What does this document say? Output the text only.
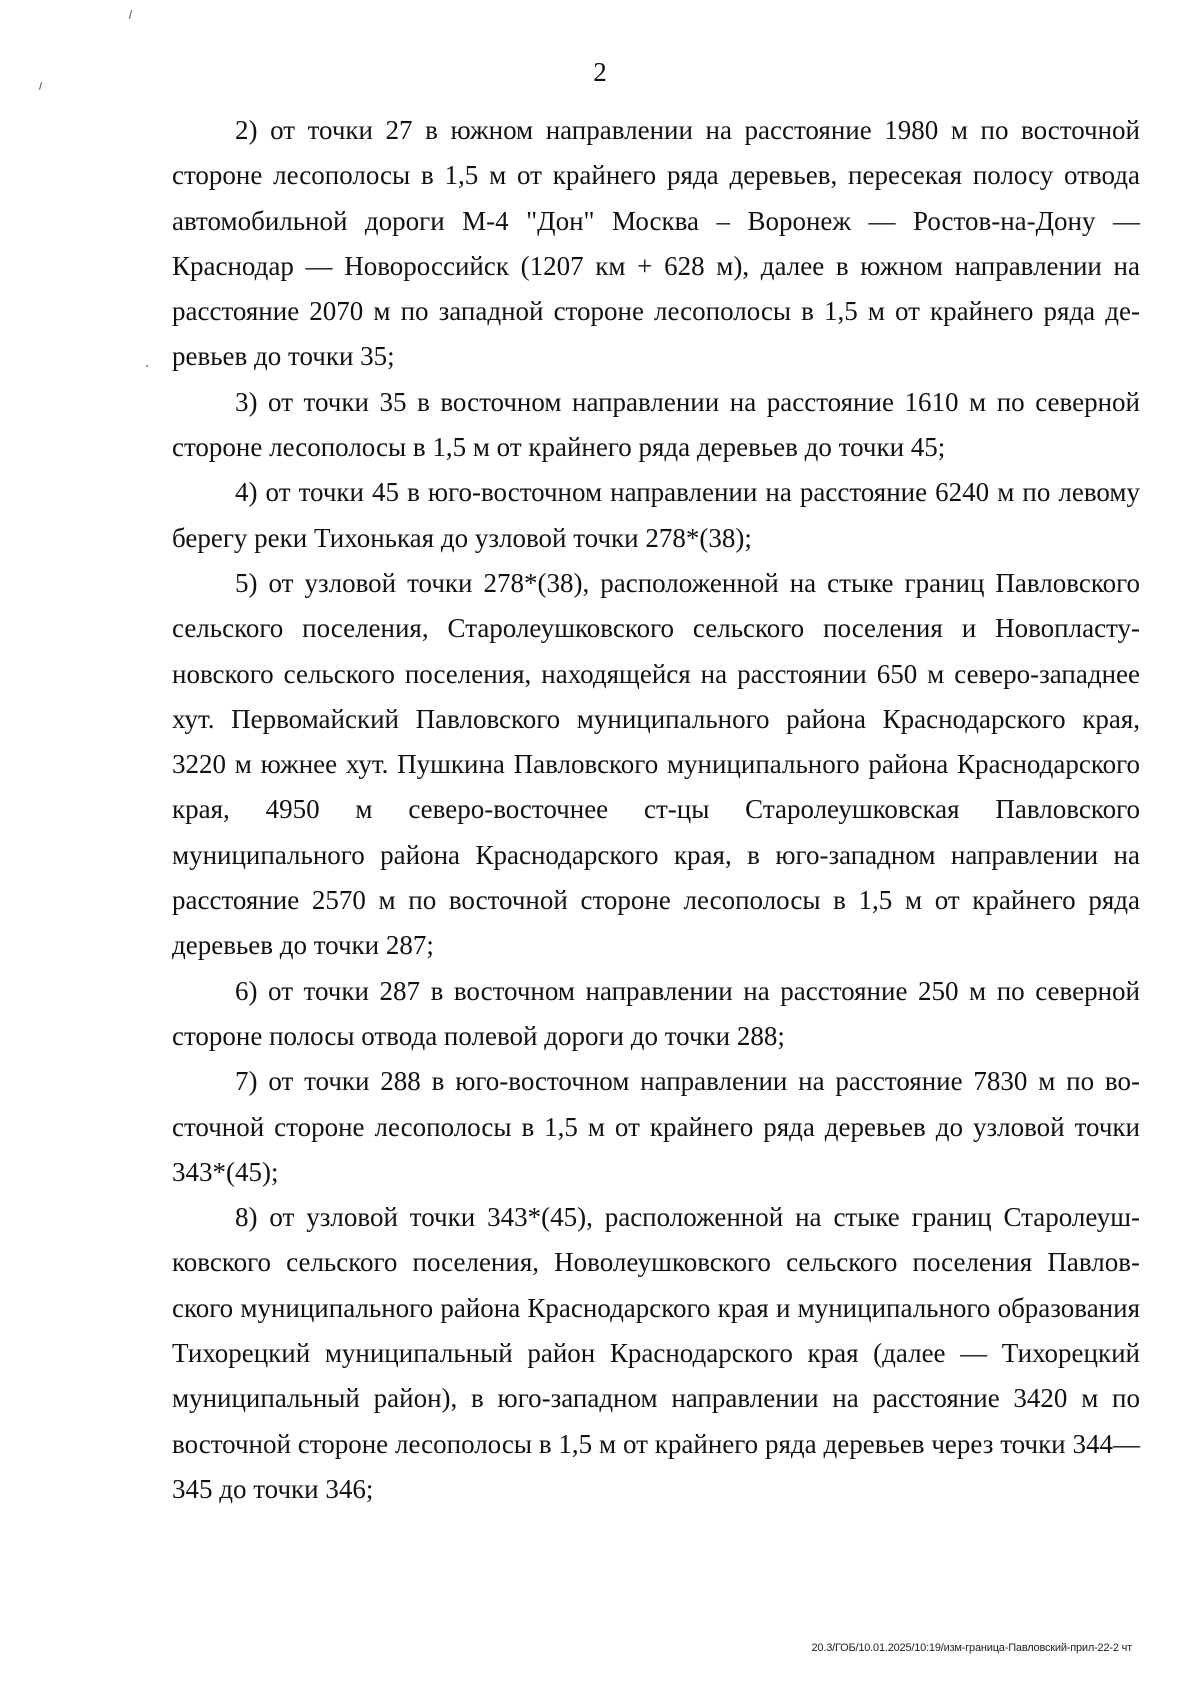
2

2) от точки 27 в южном направлении на расстояние 1980 м по восточной стороне лесополосы в 1,5 м от крайнего ряда деревьев, пересекая полосу отвода автомобильной дороги М-4 "Дон" Москва – Воронеж — Ростов-на-Дону — Краснодар — Новороссийск (1207 км + 628 м), далее в южном направлении на расстояние 2070 м по западной стороне лесополосы в 1,5 м от крайнего ряда деревьев до точки 35;

3) от точки 35 в восточном направлении на расстояние 1610 м по северной стороне лесополосы в 1,5 м от крайнего ряда деревьев до точки 45;

4) от точки 45 в юго-восточном направлении на расстояние 6240 м по левому берегу реки Тихонькая до узловой точки 278*(38);

5) от узловой точки 278*(38), расположенной на стыке границ Павловского сельского поселения, Старолеушковского сельского поселения и Новопластуновского сельского поселения, находящейся на расстоянии 650 м северо-западнее хут. Первомайский Павловского муниципального района Краснодарского края, 3220 м южнее хут. Пушкина Павловского муниципального района Краснодарского края, 4950 м северо-восточнее ст-цы Старолеушковская Павловского муниципального района Краснодарского края, в юго-западном направлении на расстояние 2570 м по восточной стороне лесополосы в 1,5 м от крайнего ряда деревьев до точки 287;

6) от точки 287 в восточном направлении на расстояние 250 м по северной стороне полосы отвода полевой дороги до точки 288;

7) от точки 288 в юго-восточном направлении на расстояние 7830 м по восточной стороне лесополосы в 1,5 м от крайнего ряда деревьев до узловой точки 343*(45);

8) от узловой точки 343*(45), расположенной на стыке границ Старолеушковского сельского поселения, Новолеушковского сельского поселения Павловского муниципального района Краснодарского края и муниципального образования Тихорецкий муниципальный район Краснодарского края (далее — Тихорецкий муниципальный район), в юго-западном направлении на расстояние 3420 м по восточной стороне лесополосы в 1,5 м от крайнего ряда деревьев через точки 344—345 до точки 346;

20.3/ГОБ/10.01.2025/10:19/изм-граница-Павловский-прил-22-2 чт
